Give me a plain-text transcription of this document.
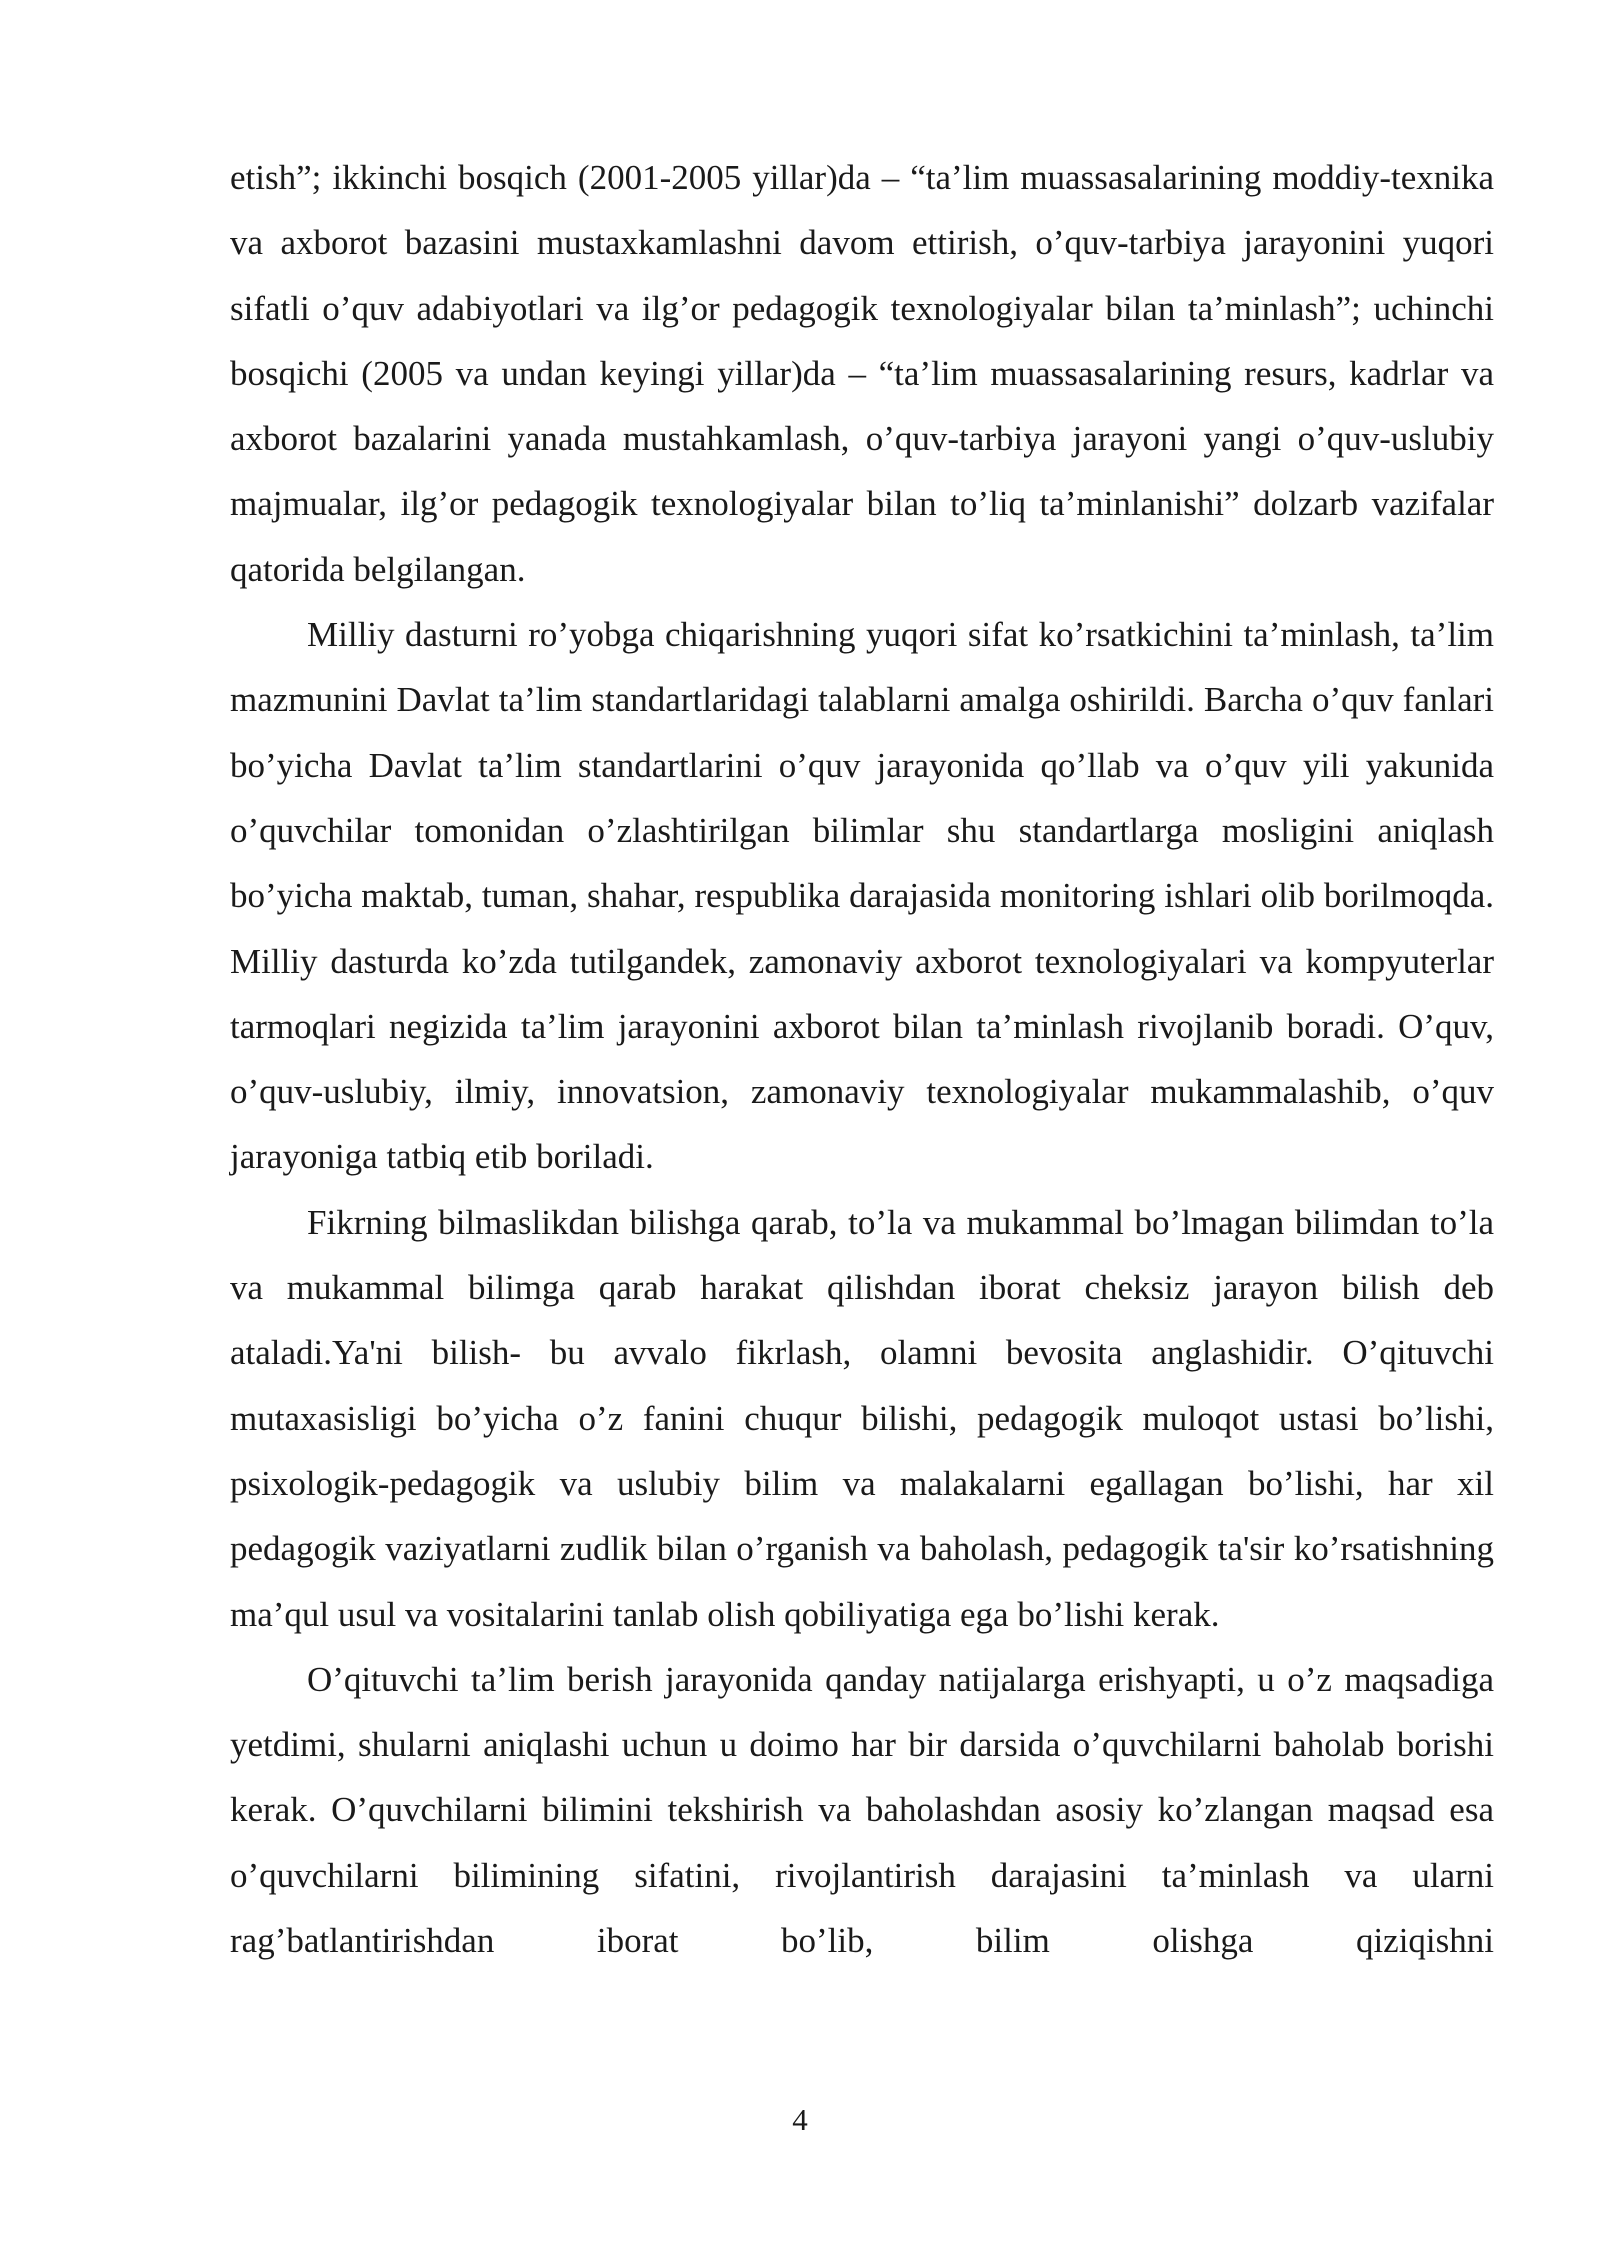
etish”; ikkinchi bosqich (2001-2005 yillar)da – “ta’lim muassasalarining moddiy-texnika va axborot bazasini mustaxkamlashni davom ettirish, o’quv-tarbiya jarayonini yuqori sifatli o’quv adabiyotlari va ilg’or pedagogik texnologiyalar bilan ta’minlash”; uchinchi bosqichi (2005 va undan keyingi yillar)da – “ta’lim muassasalarining resurs, kadrlar va axborot bazalarini yanada mustahkamlash, o’quv-tarbiya jarayoni yangi o’quv-uslubiy majmualar, ilg’or pedagogik texnologiyalar bilan to’liq ta’minlanishi” dolzarb vazifalar qatorida belgilangan.

Milliy dasturni ro’yobga chiqarishning yuqori sifat ko’rsatkichini ta’minlash, ta’lim mazmunini Davlat ta’lim standartlaridagi talablarni amalga oshirildi. Barcha o’quv fanlari bo’yicha Davlat ta’lim standartlarini o’quv jarayonida qo’llab va o’quv yili yakunida o’quvchilar tomonidan o’zlashtirilgan bilimlar shu standartlarga mosligini aniqlash bo’yicha maktab, tuman, shahar, respublika darajasida monitoring ishlari olib borilmoqda. Milliy dasturda ko’zda tutilgandek, zamonaviy axborot texnologiyalari va kompyuterlar tarmoqlari negizida ta’lim jarayonini axborot bilan ta’minlash rivojlanib boradi. O’quv, o’quv-uslubiy, ilmiy, innovatsion, zamonaviy texnologiyalar mukammalashib, o’quv jarayoniga tatbiq etib boriladi.

Fikrning bilmaslikdan bilishga qarab, to’la va mukammal bo’lmagan bilimdan to’la va mukammal bilimga qarab harakat qilishdan iborat cheksiz jarayon bilish deb ataladi.Ya'ni bilish- bu avvalo fikrlash, olamni bevosita anglashidir. O’qituvchi mutaxasisligi bo’yicha o’z fanini chuqur bilishi, pedagogik muloqot ustasi bo’lishi, psixologik-pedagogik va uslubiy bilim va malakalarni egallagan bo’lishi, har xil pedagogik vaziyatlarni zudlik bilan o’rganish va baholash, pedagogik ta'sir ko’rsatishning ma’qul usul va vositalarini tanlab olish qobiliyatiga ega bo’lishi kerak.

O’qituvchi ta’lim berish jarayonida qanday natijalarga erishyapti, u o’z maqsadiga yetdimi, shularni aniqlashi uchun u doimo har bir darsida o’quvchilarni baholab borishi kerak. O’quvchilarni bilimini tekshirish va baholashdan asosiy ko’zlangan maqsad esa o’quvchilarni bilimining sifatini, rivojlantirish darajasini ta’minlash va ularni rag’batlantirishdan iborat bo’lib, bilim olishga qiziqishni

4
